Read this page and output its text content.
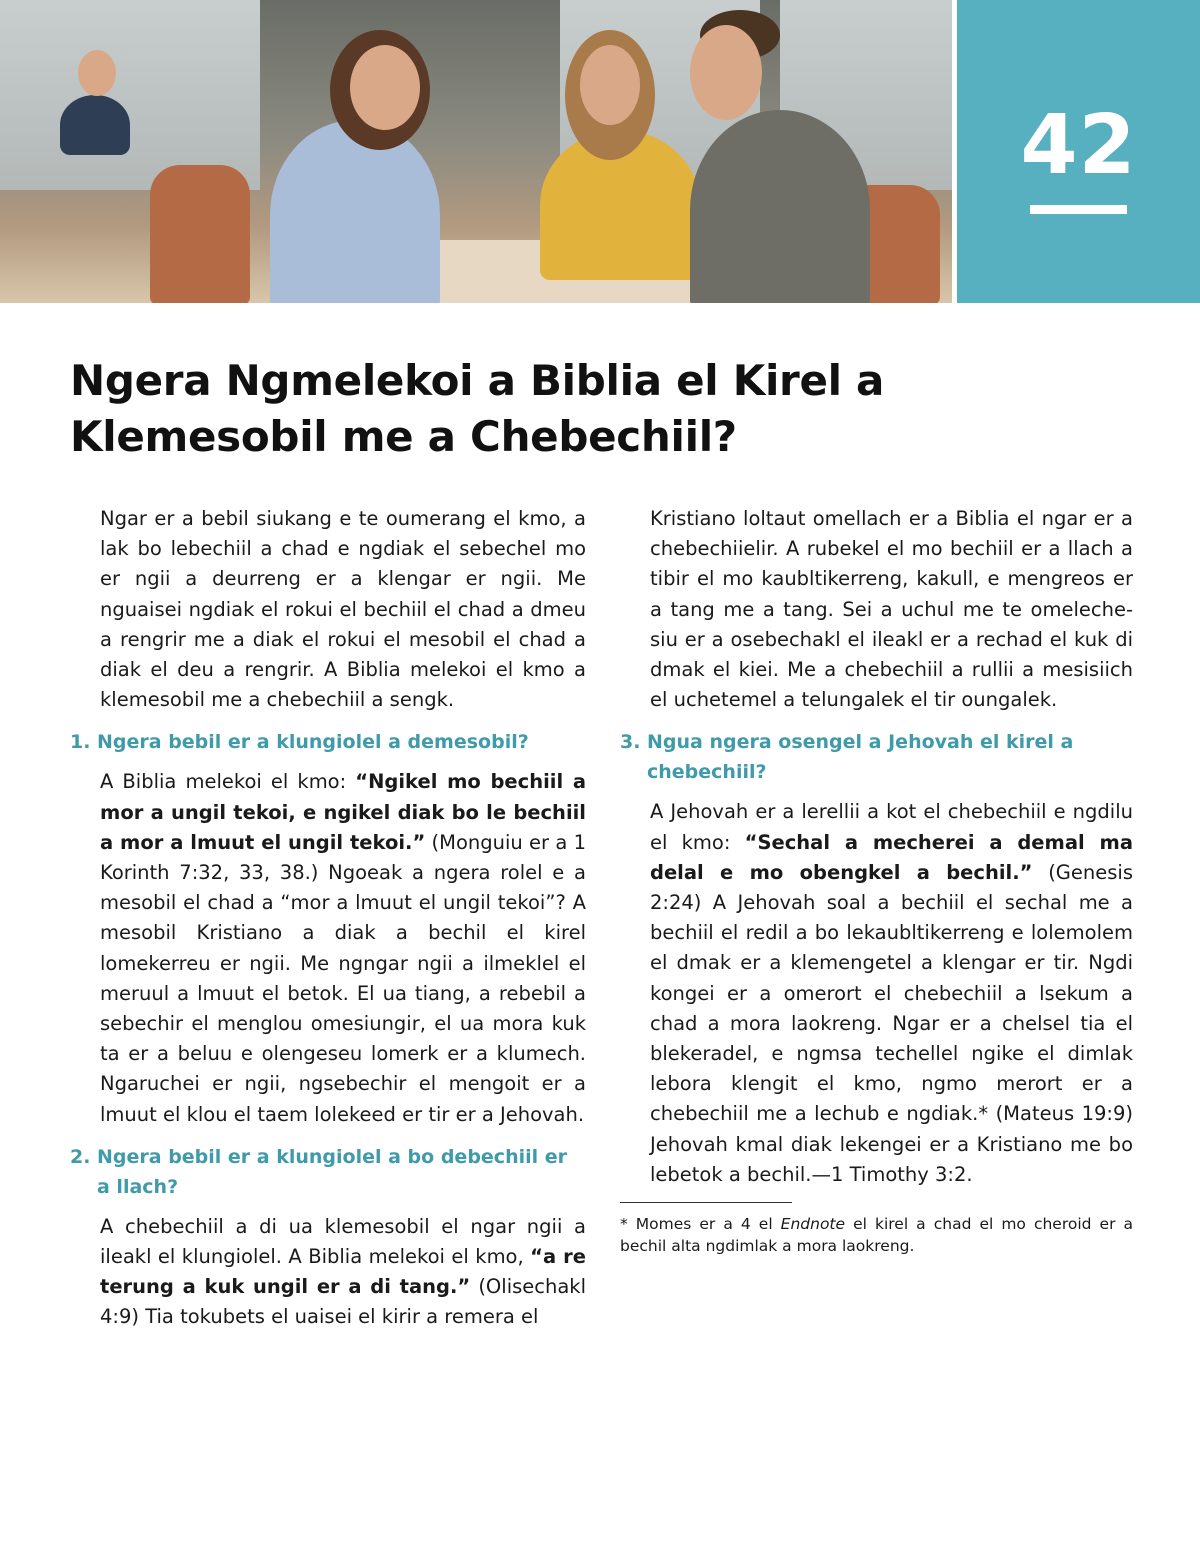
42
Ngera Ngmelekoi a Biblia el Kirel a Klemesobil me a Chebechiil?

Ngar er a bebil siukang e te oumerang el kmo, a lak bo lebechiil a chad e ngdiak el sebechel mo er ngii a deurreng er a klengar er ngii. Me nguaisei ngdiak el rokui el bechiil el chad a dmeu a rengrir me a diak el rokui el mesobil el chad a diak el deu a rengrir. A Biblia melekoi el kmo a klemesobil me a chebechiil a sengk.

1. Ngera bebil er a klungiolel a demesobil?

A Biblia melekoi el kmo: “Ngikel mo bechiil a mor a ungil tekoi, e ngikel diak bo le bechiil a mor a lmuut el ungil tekoi.” (Monguiu er a 1 Korinth 7:32, 33, 38.) Ngoeak a ngera rolel e a mesobil el chad a “mor a lmuut el ungil tekoi”? A mesobil Kristiano a diak a bechil el kirel lomekerreu er ngii. Me ngngar ngii a ilmeklel el meruul a lmuut el betok. El ua tiang, a rebebil a sebechir el menglou omesiungir, el ua mora kuk ta er a beluu e olengeseu lomerk er a klumech. Ngaruchei er ngii, ngsebechir el mengoit er a lmuut el klou el taem lolekeed er tir er a Jehovah.

2. Ngera bebil er a klungiolel a bo debechiil er a llach?

A chebechiil a di ua klemesobil el ngar ngii a ileakl el klungiolel. A Biblia melekoi el kmo, “a re terung a kuk ungil er a di tang.” (Olisechakl 4:9) Tia tokubets el uaisei el kirir a remera el

Kristiano loltaut omellach er a Biblia el ngar er a chebechiielir. A rubekel el mo bechiil er a llach a tibir el mo kaubltikerreng, kakull, e mengreos er a tang me a tang. Sei a uchul me te omeleche-siu er a osebechakl el ileakl er a rechad el kuk di dmak el kiei. Me a chebechiil a rullii a mesisiich el uchetemel a telungalek el tir oungalek.

3. Ngua ngera osengel a Jehovah el kirel a chebechiil?

A Jehovah er a lerellii a kot el chebechiil e ngdilu el kmo: “Sechal a mecherei a demal ma delal e mo obengkel a bechil.” (Genesis 2:24) A Jehovah soal a bechiil el sechal me a bechiil el redil a bo lekaubltikerreng e lolemolem el dmak er a klemengetel a klengar er tir. Ngdi kongei er a omerort el chebechiil a lsekum a chad a mora laokreng. Ngar er a chelsel tia el blekeradel, e ngmsa techellel ngike el dimlak lebora klengit el kmo, ngmo merort er a chebechiil me a lechub e ngdiak.* (Mateus 19:9) Jehovah kmal diak lekengei er a Kristiano me bo lebetok a bechil.—1 Timothy 3:2.

* Momes er a 4 el Endnote el kirel a chad el mo cheroid er a bechil alta ngdimlak a mora laokreng.
